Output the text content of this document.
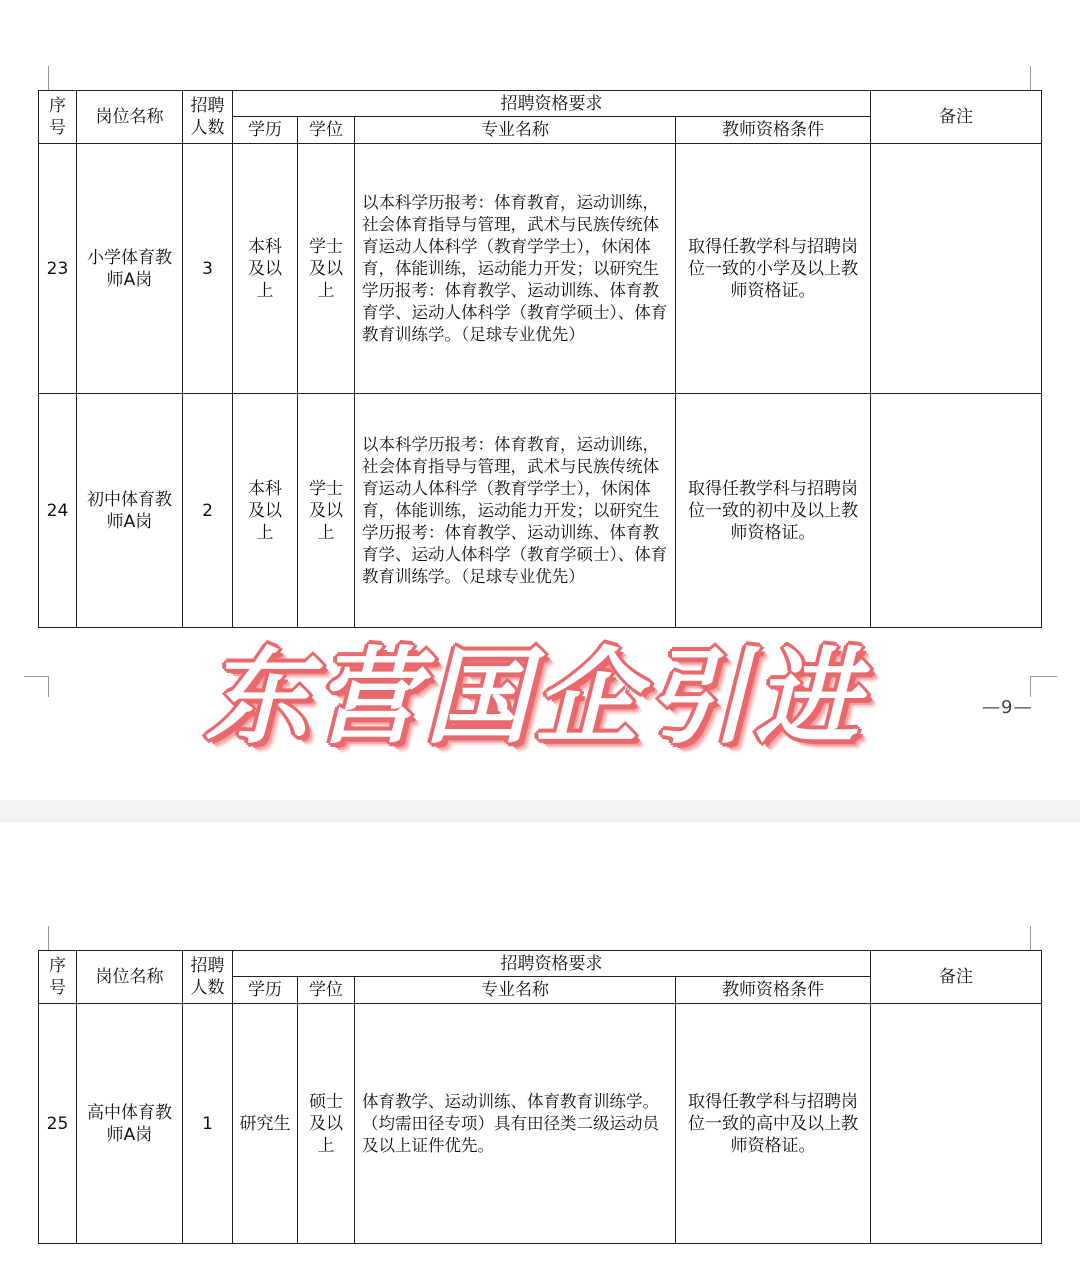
序号	岗位名称	招聘人数	招聘资格要求				备注
			学历	学位	专业名称	教师资格条件	
23	小学体育教师A岗	3	本科及以上	学士及以上	以本科学历报考：体育教育，运动训练，社会体育指导与管理，武术与民族传统体育运动人体科学（教育学学士），休闲体育，体能训练，运动能力开发；以研究生学历报考：体育教学、运动训练、体育教育学、运动人体科学（教育学硕士）、体育教育训练学。（足球专业优先）	取得任教学科与招聘岗位一致的小学及以上教师资格证。	
24	初中体育教师A岗	2	本科及以上	学士及以上	以本科学历报考：体育教育，运动训练，社会体育指导与管理，武术与民族传统体育运动人体科学（教育学学士），休闲体育，体能训练，运动能力开发；以研究生学历报考：体育教学、运动训练、体育教育学、运动人体科学（教育学硕士）、体育教育训练学。（足球专业优先）	取得任教学科与招聘岗位一致的初中及以上教师资格证。	
—9—
东营国企引进
序号	岗位名称	招聘人数	招聘资格要求				备注
			学历	学位	专业名称	教师资格条件	
25	高中体育教师A岗	1	研究生	硕士及以上	体育教学、运动训练、体育教育训练学。（均需田径专项）具有田径类二级运动员及以上证件优先。	取得任教学科与招聘岗位一致的高中及以上教师资格证。	
